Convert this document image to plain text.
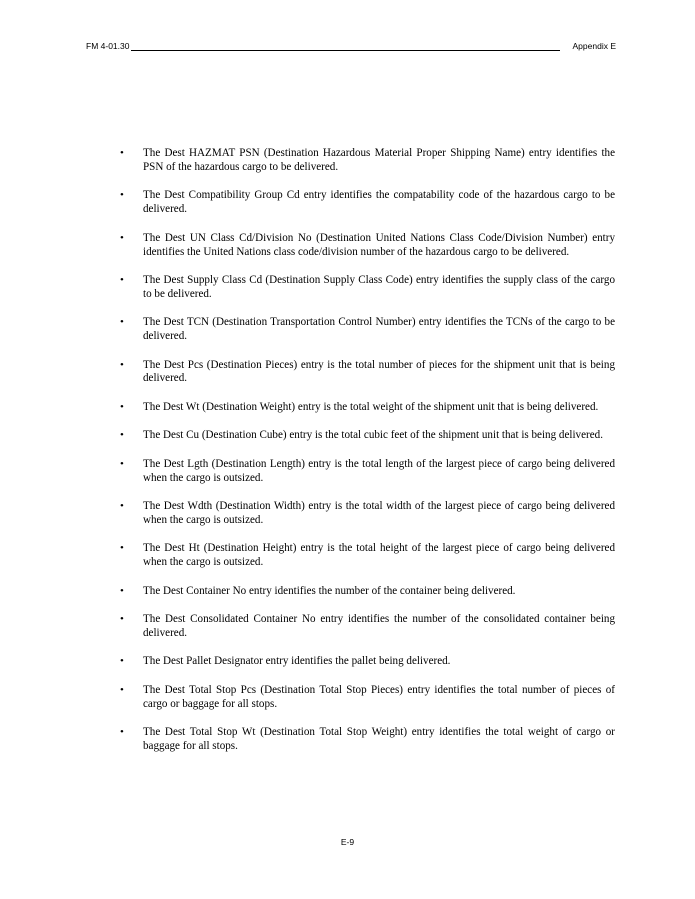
FM 4-01.30	Appendix E
• The Dest HAZMAT PSN (Destination Hazardous Material Proper Shipping Name) entry identifies the PSN of the hazardous cargo to be delivered.
• The Dest Compatibility Group Cd entry identifies the compatability code of the hazardous cargo to be delivered.
• The Dest UN Class Cd/Division No (Destination United Nations Class Code/Division Number) entry identifies the United Nations class code/division number of the hazardous cargo to be delivered.
• The Dest Supply Class Cd (Destination Supply Class Code) entry identifies the supply class of the cargo to be delivered.
• The Dest TCN (Destination Transportation Control Number) entry identifies the TCNs of the cargo to be delivered.
• The Dest Pcs (Destination Pieces) entry is the total number of pieces for the shipment unit that is being delivered.
• The Dest Wt (Destination Weight) entry is the total weight of the shipment unit that is being delivered.
• The Dest Cu (Destination Cube) entry is the total cubic feet of the shipment unit that is being delivered.
• The Dest Lgth (Destination Length) entry is the total length of the largest piece of cargo being delivered when the cargo is outsized.
• The Dest Wdth (Destination Width) entry is the total width of the largest piece of cargo being delivered when the cargo is outsized.
• The Dest Ht (Destination Height) entry is the total height of the largest piece of cargo being delivered when the cargo is outsized.
• The Dest Container No entry identifies the number of the container being delivered.
• The Dest Consolidated Container No entry identifies the number of the consolidated container being delivered.
• The Dest Pallet Designator entry identifies the pallet being delivered.
• The Dest Total Stop Pcs (Destination Total Stop Pieces) entry identifies the total number of pieces of cargo or baggage for all stops.
• The Dest Total Stop Wt (Destination Total Stop Weight) entry identifies the total weight of cargo or baggage for all stops.
E-9
